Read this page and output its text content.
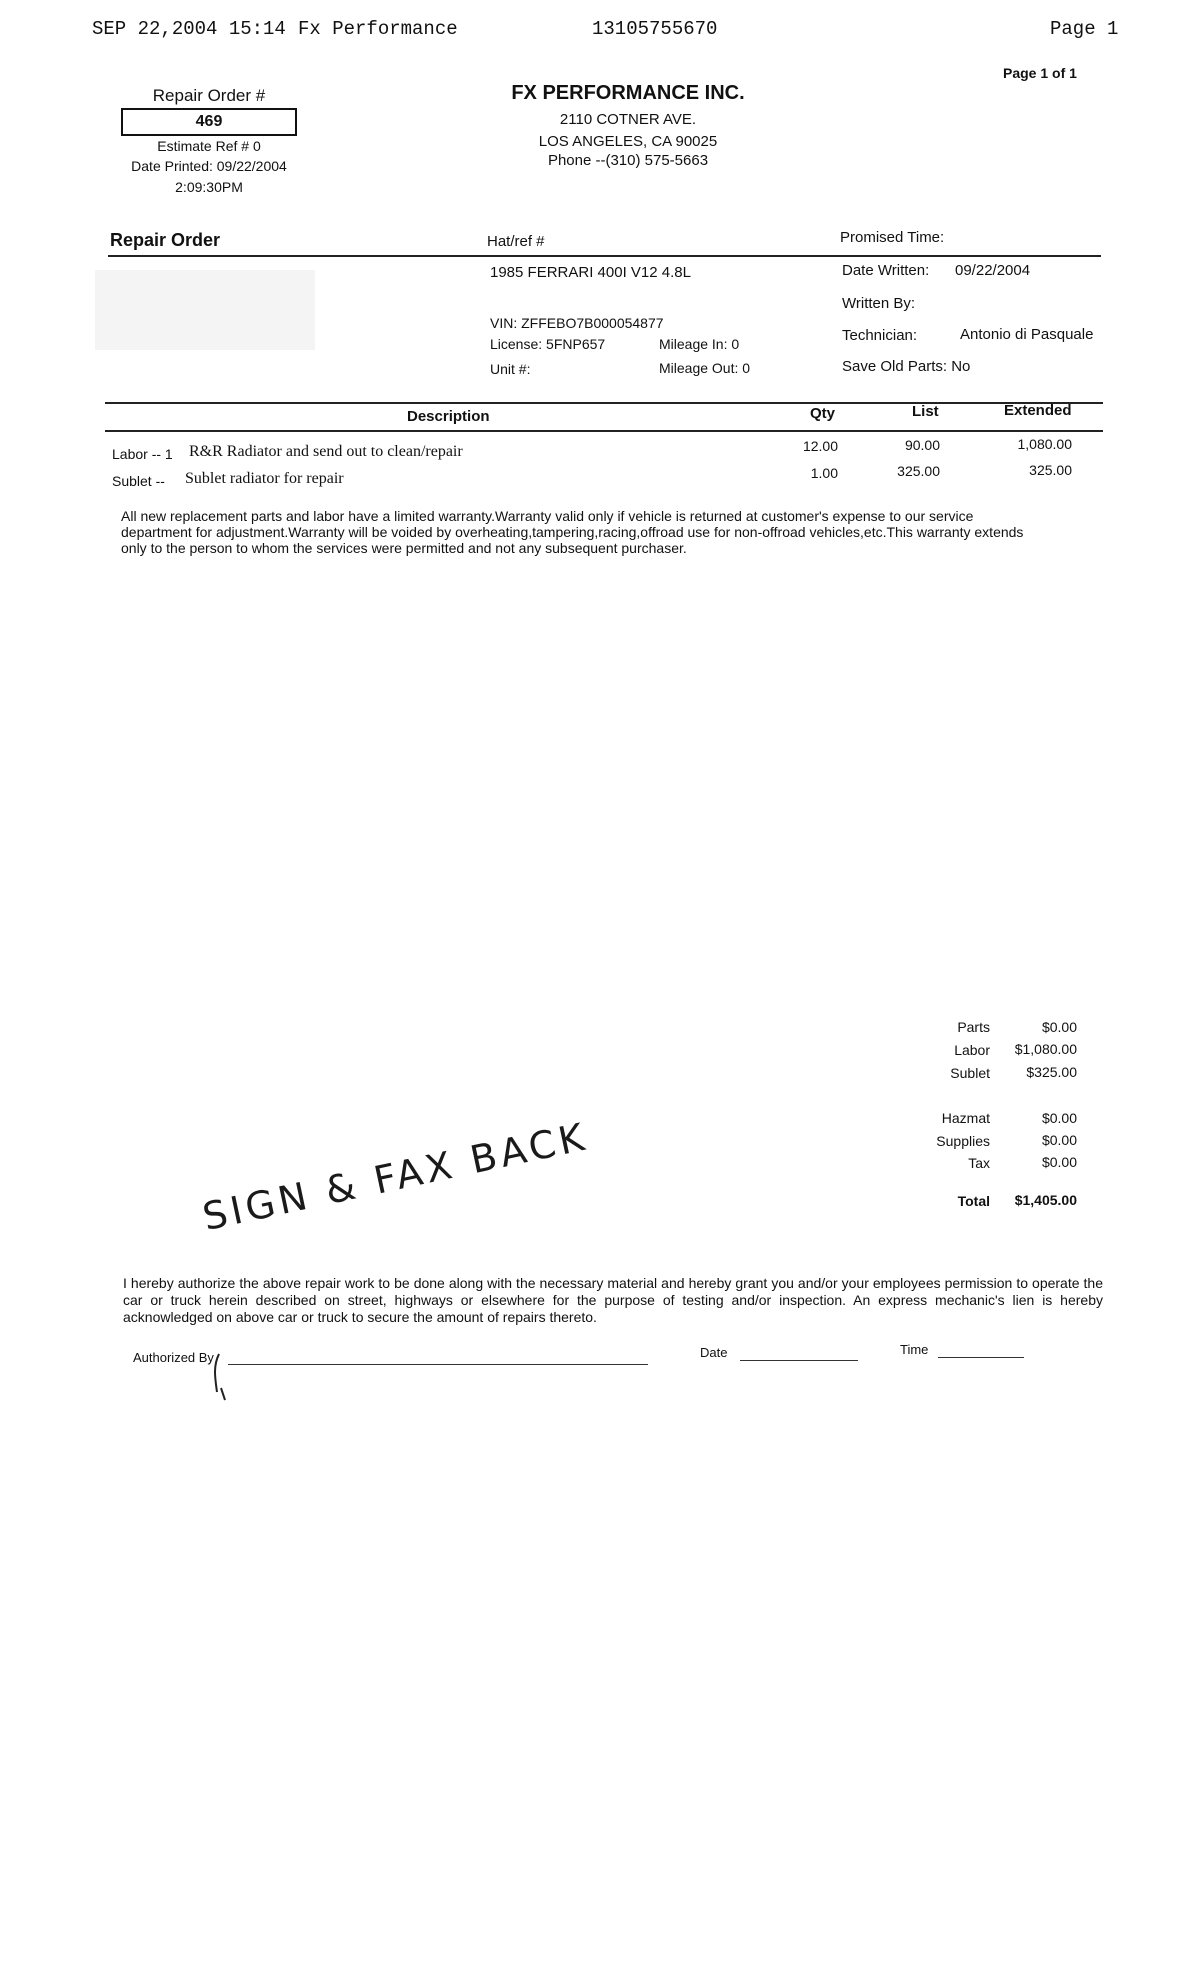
SEP 22,2004 15:14 Fx Performance	13105755670	Page 1
Page 1 of 1
Repair Order #
469
Estimate Ref # 0
Date Printed: 09/22/2004
2:09:30PM
FX PERFORMANCE INC.
2110 COTNER AVE.
LOS ANGELES, CA 90025
Phone --(310) 575-5663
Repair Order	Hat/ref #	Promised Time:
1985 FERRARI 400I V12 4.8L
VIN: ZFFEBO7B000054877
License: 5FNP657
Unit #:
Mileage In: 0
Mileage Out: 0
Date Written: 09/22/2004
Written By:
Technician:	Antonio di Pasquale
Save Old Parts: No
Description	Qty	List	Extended
Labor -- 1 R&R Radiator and send out to clean/repair	12.00	90.00	1,080.00
Sublet -- Sublet radiator for repair	1.00	325.00	325.00
All new replacement parts and labor have a limited warranty.Warranty valid only if vehicle is returned at customer's expense to our service department for adjustment.Warranty will be voided by overheating,tampering,racing,offroad use for non-offroad vehicles,etc.This warranty extends only to the person to whom the services were permitted and not any subsequent purchaser.
Parts	$0.00
Labor	$1,080.00
Sublet	$325.00
Hazmat	$0.00
Supplies	$0.00
Tax	$0.00
Total	$1,405.00
SIGN & FAX BACK
I hereby authorize the above repair work to be done along with the necessary material and hereby grant you and/or your employees permission to operate the car or truck herein described on street, highways or elsewhere for the purpose of testing and/or inspection. An express mechanic's lien is hereby acknowledged on above car or truck to secure the amount of repairs thereto.
Authorized By	Date	Time
